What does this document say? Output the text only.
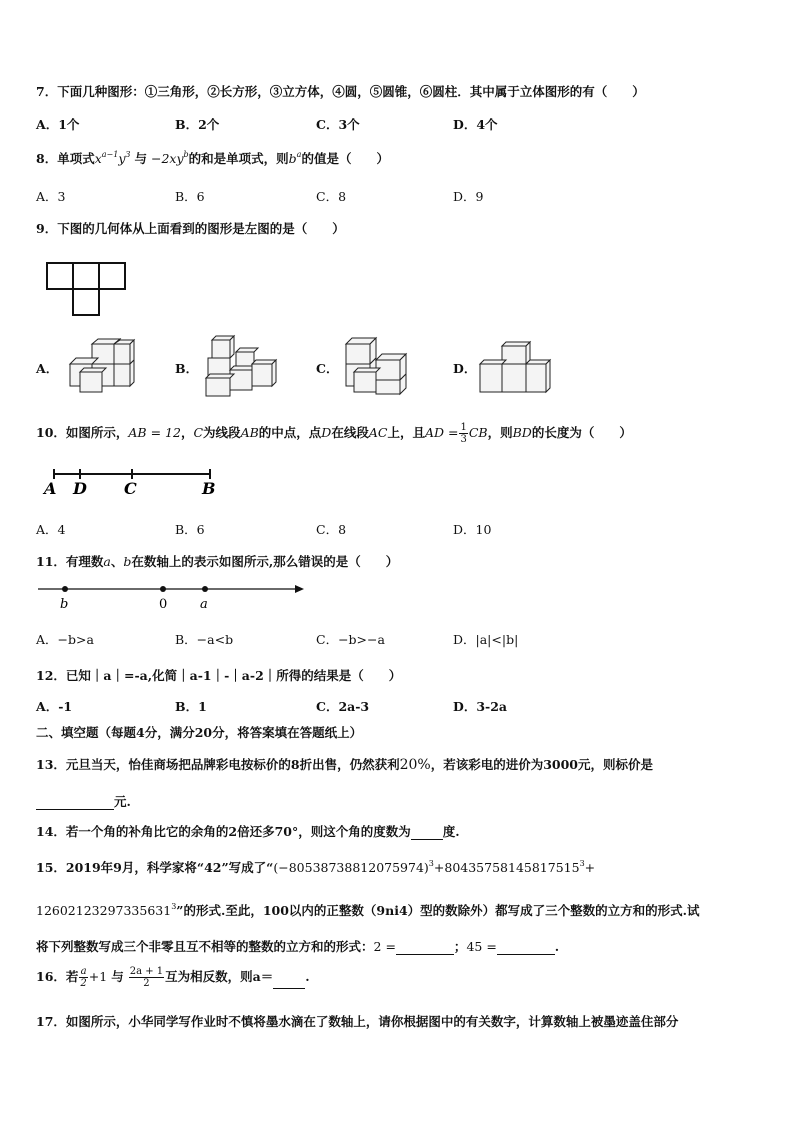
7．下面几种图形：①三角形，②长方形，③立方体，④圆，⑤圆锥，⑥圆柱．其中属于立体图形的有（　　）
A．1个	B．2个	C．3个	D．4个
8．单项式$x^{a-1}y^3$ 与 $-2xy^b$的和是单项式，则$b^a$的值是（　　）
A．3	B．6	C．8	D．9
9．下图的几何体从上面看到的图形是左图的是（　　）
A．	B．	C．	D．
10．如图所示，AB = 12，C为线段AB的中点，点D在线段AC上，且AD = $\frac{1}{3}$ CB，则BD的长度为（　　）
A D C	B
A．4	B．6	C．8	D．10
11．有理数a、b在数轴上的表示如图所示,那么错误的是（　　）
b	0	a
A．−b>a	B．−a<b	C．−b>−a	D．|a|<|b|
12．已知｜a｜=-a,化简｜a-1｜-｜a-2｜所得的结果是（　　）
A．-1	B．1	C．2a-3	D．3-2a
二、填空题（每题4分，满分20分，将答案填在答题纸上）
13．元旦当天，怡佳商场把品牌彩电按标价的8折出售，仍然获利20%，若该彩电的进价为3000元，则标价是
元.
14．若一个角的补角比它的余角的2倍还多70°，则这个角的度数为	度.
15．2019年9月，科学家将“42”写成了“$(-80538738812075974)^3+80435758145817515^3+$
$12602123297335631^3$”的形式.至此，100以内的正整数（9ni4）型的数除外）都写成了三个整数的立方和的形式.试
将下列整数写成三个非零且互不相等的整数的立方和的形式：2 =	；45 =	.
16．若 $\frac{a}{2} +1$ 与 $\frac{2a + 1}{2}$ 互为相反数，则a＝	.
17．如图所示，小华同学写作业时不慎将墨水滴在了数轴上，请你根据图中的有关数字，计算数轴上被墨迹盖住部分
